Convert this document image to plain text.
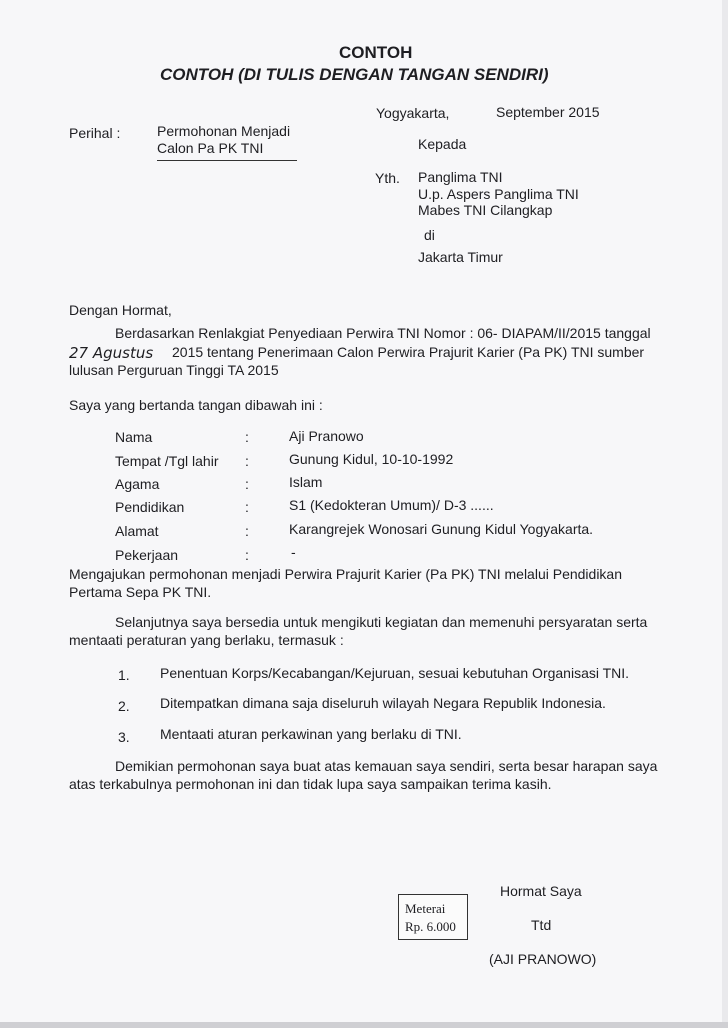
CONTOH
CONTOH (DI TULIS DENGAN TANGAN SENDIRI)
Yogyakarta,	September 2015
Perihal :	Permohonan Menjadi
Calon Pa PK TNI	Kepada
Yth. Panglima TNI
U.p. Aspers Panglima TNI
Mabes TNI Cilangkap
di
Jakarta Timur
Dengan Hormat,
Berdasarkan Renlakgiat Penyediaan Perwira TNI Nomor : 06- DIAPAM/II/2015 tanggal
27 Agustus 2015 tentang Penerimaan Calon Perwira Prajurit Karier (Pa PK) TNI sumber
lulusan Perguruan Tinggi TA 2015
Saya yang bertanda tangan dibawah ini :
Nama	:	Aji Pranowo
Tempat /Tgl lahir :	Gunung Kidul, 10-10-1992
Agama	:	Islam
Pendidikan	:	S1 (Kedokteran Umum)/ D-3 ......
Alamat	:	Karangrejek Wonosari Gunung Kidul Yogyakarta.
Pekerjaan	:	-
Mengajukan permohonan menjadi Perwira Prajurit Karier (Pa PK) TNI melalui Pendidikan
Pertama Sepa PK TNI.
Selanjutnya saya bersedia untuk mengikuti kegiatan dan memenuhi persyaratan serta
mentaati peraturan yang berlaku, termasuk :
1. Penentuan Korps/Kecabangan/Kejuruan, sesuai kebutuhan Organisasi TNI.
2. Ditempatkan dimana saja diseluruh wilayah Negara Republik Indonesia.
3. Mentaati aturan perkawinan yang berlaku di TNI.
Demikian permohonan saya buat atas kemauan saya sendiri, serta besar harapan saya
atas terkabulnya permohonan ini dan tidak lupa saya sampaikan terima kasih.
Hormat Saya
Meterai
Rp. 6.000	Ttd
(AJI PRANOWO)
